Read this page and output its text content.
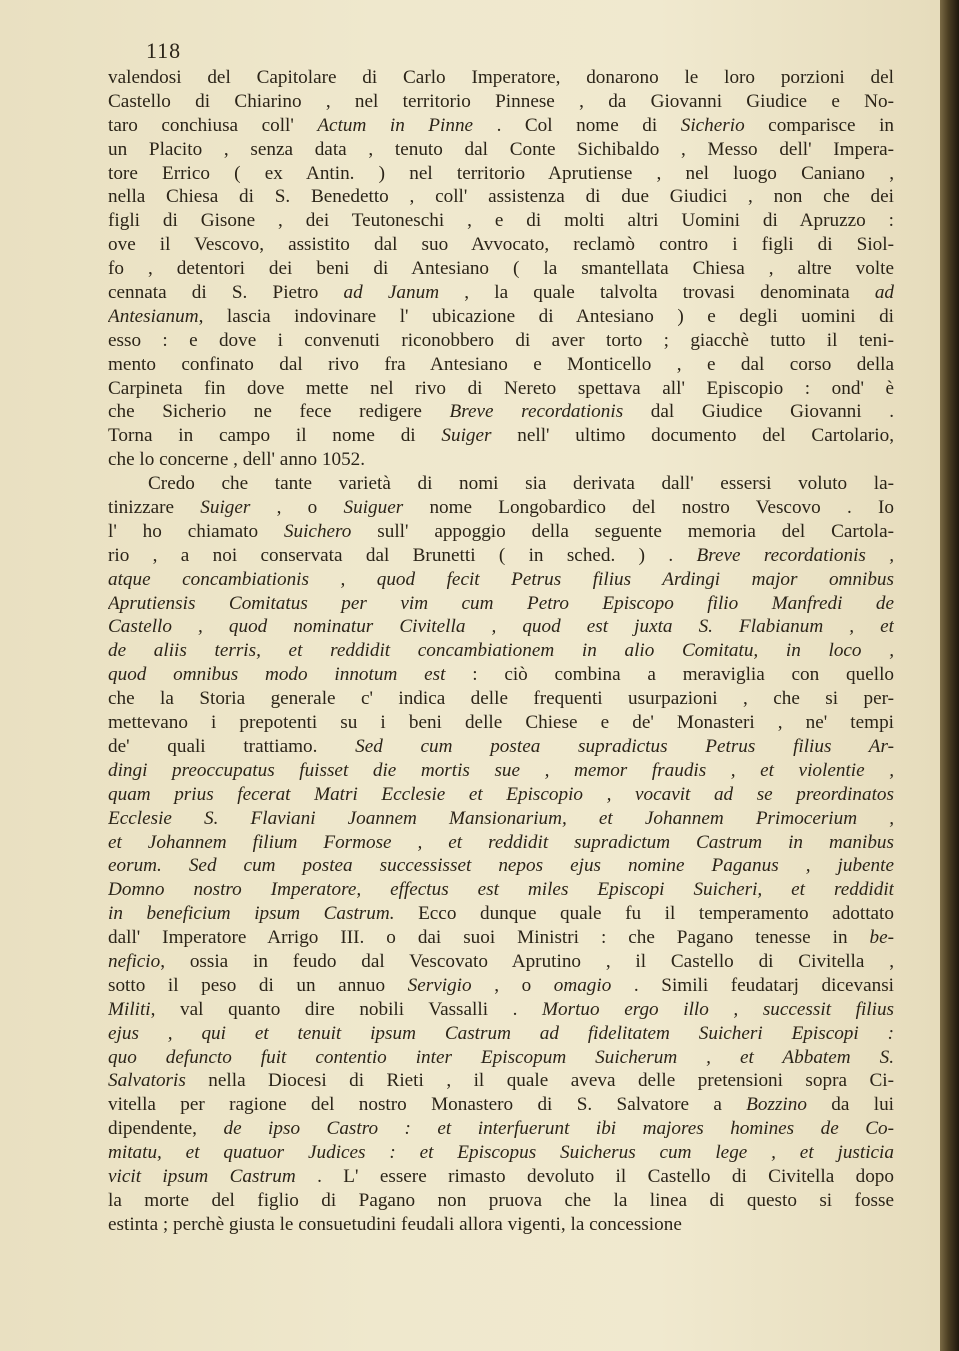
118
valendosi del Capitolare di Carlo Imperatore, donarono le loro porzioni del
Castello di Chiarino , nel territorio Pinnese , da Giovanni Giudice e No-
taro conchiusa coll' Actum in Pinne . Col nome di Sicherio comparisce in
un Placito , senza data , tenuto dal Conte Sichibaldo , Messo dell' Impera-
tore Errico ( ex Antin. ) nel territorio Aprutiense , nel luogo Caniano ,
nella Chiesa di S. Benedetto , coll' assistenza di due Giudici , non che dei
figli di Gisone , dei Teutoneschi , e di molti altri Uomini di Apruzzo :
ove il Vescovo, assistito dal suo Avvocato, reclamò contro i figli di Siol-
fo , detentori dei beni di Antesiano ( la smantellata Chiesa , altre volte
cennata di S. Pietro ad Janum , la quale talvolta trovasi denominata ad
Antesianum, lascia indovinare l' ubicazione di Antesiano ) e degli uomini di
esso : e dove i convenuti riconobbero di aver torto ; giacchè tutto il teni-
mento confinato dal rivo fra Antesiano e Monticello , e dal corso della
Carpineta fin dove mette nel rivo di Nereto spettava all' Episcopio : ond' è
che Sicherio ne fece redigere Breve recordationis dal Giudice Giovanni .
Torna in campo il nome di Suiger nell' ultimo documento del Cartolario,
che lo concerne , dell' anno 1052.
Credo che tante varietà di nomi sia derivata dall' essersi voluto la-
tinizzare Suiger , o Suiguer nome Longobardico del nostro Vescovo . Io
l' ho chiamato Suichero sull' appoggio della seguente memoria del Cartola-
rio , a noi conservata dal Brunetti ( in sched. ) . Breve recordationis ,
atque concambiationis , quod fecit Petrus filius Ardingi major omnibus
Aprutiensis Comitatus per vim cum Petro Episcopo filio Manfredi de
Castello , quod nominatur Civitella , quod est juxta S. Flabianum , et
de aliis terris, et reddidit concambiationem in alio Comitatu, in loco ,
quod omnibus modo innotum est : ciò combina a meraviglia con quello
che la Storia generale c' indica delle frequenti usurpazioni , che si per-
mettevano i prepotenti su i beni delle Chiese e de' Monasteri , ne' tempi
de' quali trattiamo. Sed cum postea supradictus Petrus filius Ar-
dingi preoccupatus fuisset die mortis sue , memor fraudis , et violentie ,
quam prius fecerat Matri Ecclesie et Episcopio , vocavit ad se preordinatos
Ecclesie S. Flaviani Joannem Mansionarium, et Johannem Primocerium ,
et Johannem filium Formose , et reddidit supradictum Castrum in manibus
eorum. Sed cum postea successisset nepos ejus nomine Paganus , jubente
Domno nostro Imperatore, effectus est miles Episcopi Suicheri, et reddidit
in beneficium ipsum Castrum. Ecco dunque quale fu il temperamento adottato
dall' Imperatore Arrigo III. o dai suoi Ministri : che Pagano tenesse in be-
neficio, ossia in feudo dal Vescovato Aprutino , il Castello di Civitella ,
sotto il peso di un annuo Servigio , o omagio . Simili feudatarj dicevansi
Militi, val quanto dire nobili Vassalli . Mortuo ergo illo , successit filius
ejus , qui et tenuit ipsum Castrum ad fidelitatem Suicheri Episcopi :
quo defuncto fuit contentio inter Episcopum Suicherum , et Abbatem S.
Salvatoris nella Diocesi di Rieti , il quale aveva delle pretensioni sopra Ci-
vitella per ragione del nostro Monastero di S. Salvatore a Bozzino da lui
dipendente, de ipso Castro : et interfuerunt ibi majores homines de Co-
mitatu, et quatuor Judices : et Episcopus Suicherus cum lege , et justicia
vicit ipsum Castrum . L' essere rimasto devoluto il Castello di Civitella dopo
la morte del figlio di Pagano non pruova che la linea di questo si fosse
estinta ; perchè giusta le consuetudini feudali allora vigenti, la concessione
